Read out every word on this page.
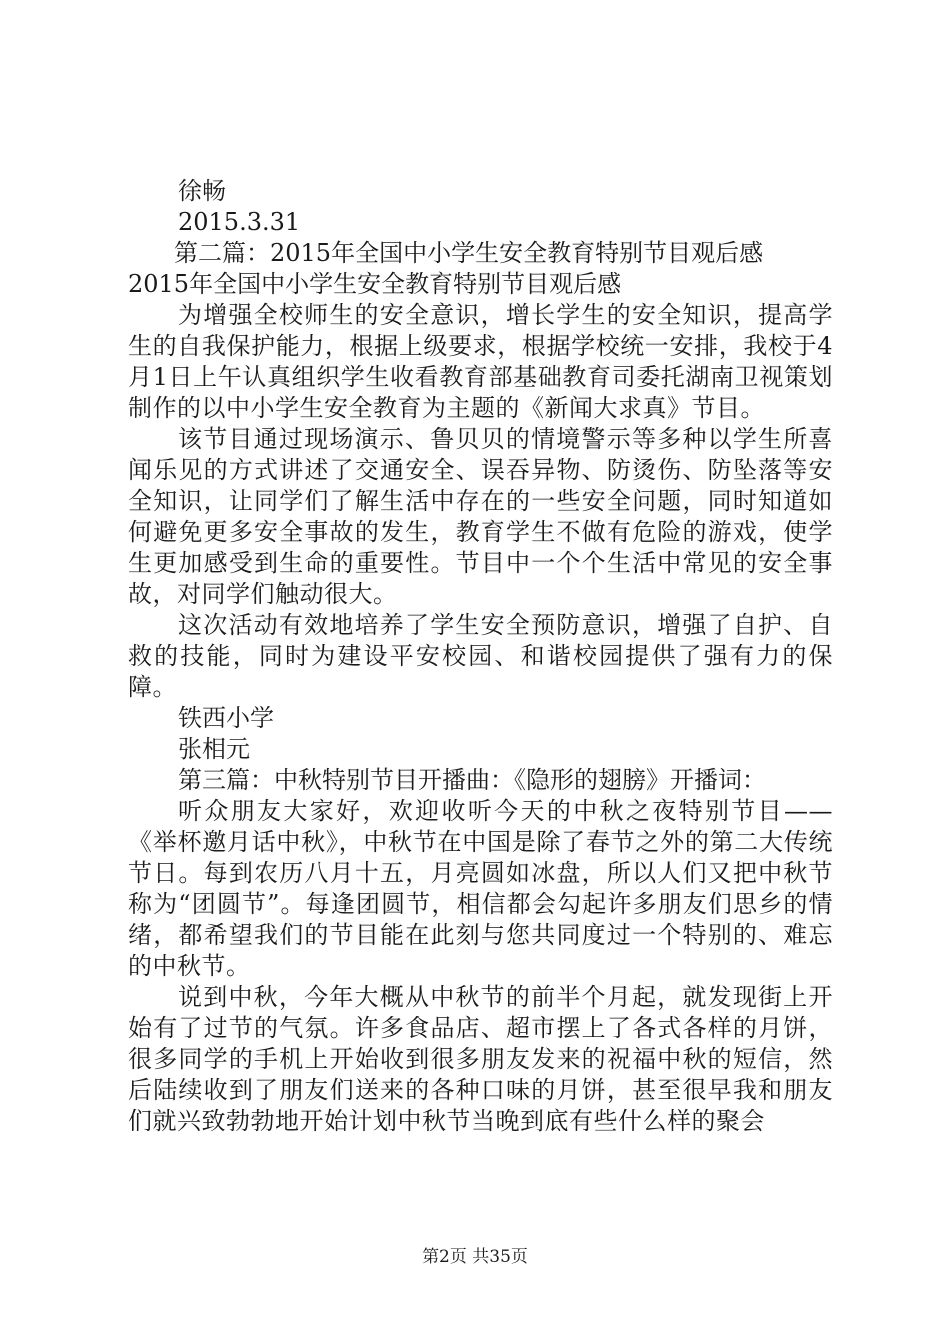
徐畅

2015.3.31

第二篇：2015年全国中小学生安全教育特别节目观后感

2015年全国中小学生安全教育特别节目观后感

为增强全校师生的安全意识，增长学生的安全知识，提高学生的自我保护能力，根据上级要求，根据学校统一安排，我校于4月1日上午认真组织学生收看教育部基础教育司委托湖南卫视策划制作的以中小学生安全教育为主题的《新闻大求真》节目。

该节目通过现场演示、鲁贝贝的情境警示等多种以学生所喜闻乐见的方式讲述了交通安全、误吞异物、防烫伤、防坠落等安全知识，让同学们了解生活中存在的一些安全问题，同时知道如何避免更多安全事故的发生，教育学生不做有危险的游戏，使学生更加感受到生命的重要性。节目中一个个生活中常见的安全事故，对同学们触动很大。

这次活动有效地培养了学生安全预防意识，增强了自护、自救的技能，同时为建设平安校园、和谐校园提供了强有力的保障。

铁西小学

张相元

第三篇：中秋特别节目开播曲：《隐形的翅膀》开播词：

听众朋友大家好，欢迎收听今天的中秋之夜特别节目——《举杯邀月话中秋》，中秋节在中国是除了春节之外的第二大传统节日。每到农历八月十五，月亮圆如冰盘，所以人们又把中秋节称为“团圆节”。每逢团圆节，相信都会勾起许多朋友们思乡的情绪，都希望我们的节目能在此刻与您共同度过一个特别的、难忘的中秋节。

说到中秋，今年大概从中秋节的前半个月起，就发现街上开始有了过节的气氛。许多食品店、超市摆上了各式各样的月饼，很多同学的手机上开始收到很多朋友发来的祝福中秋的短信，然后陆续收到了朋友们送来的各种口味的月饼，甚至很早我和朋友们就兴致勃勃地开始计划中秋节当晚到底有些什么样的聚会

第2页 共35页
